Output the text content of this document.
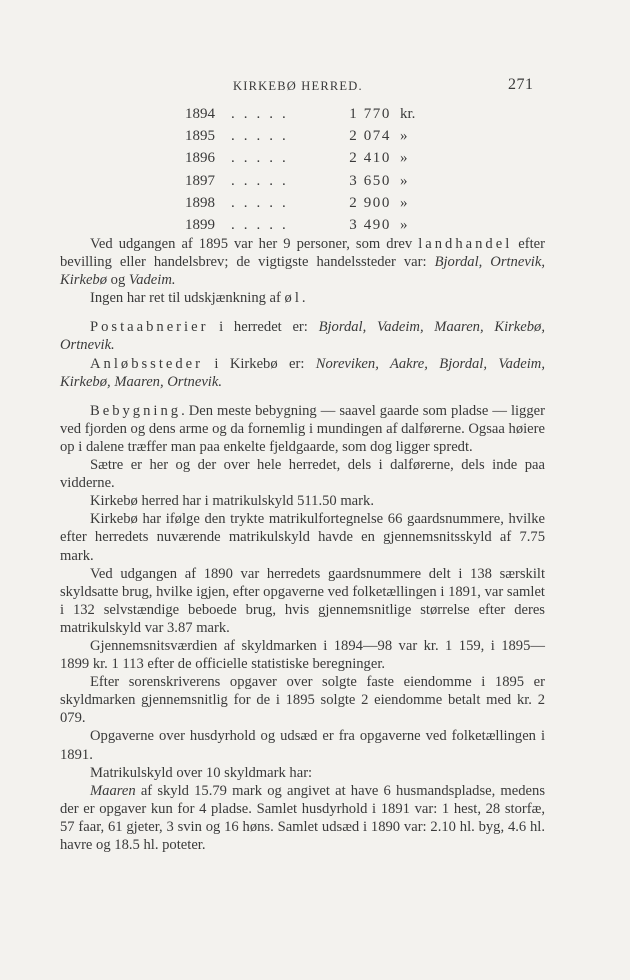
KIRKEBØ HERRED.	271
1894 .....	1 770 kr.
1895 .....	2 074 »
1896 .....	2 410 »
1897 .....	3 650 »
1898 .....	2 900 »
1899 .....	3 490 »

Ved udgangen af 1895 var her 9 personer, som drev landhandel efter bevilling eller handelsbrev; de vigtigste handelssteder var: Bjordal, Ortnevik, Kirkebø og Vadeim.

Ingen har ret til udskjænkning af øl.

Postaabnerier i herredet er: Bjordal, Vadeim, Maaren, Kirkebø, Ortnevik.

Anløbssteder i Kirkebø er: Noreviken, Aakre, Bjordal, Vadeim, Kirkebø, Maaren, Ortnevik.

Bebygning. Den meste bebygning — saavel gaarde som pladse — ligger ved fjorden og dens arme og da fornemlig i mundingen af dalførerne. Ogsaa høiere op i dalene træffer man paa enkelte fjeldgaarde, som dog ligger spredt.

Sætre er her og der over hele herredet, dels i dalførerne, dels inde paa vidderne.

Kirkebø herred har i matrikulskyld 511.50 mark.

Kirkebø har ifølge den trykte matrikulfortegnelse 66 gaardsnummere, hvilke efter herredets nuværende matrikulskyld havde en gjennemsnitsskyld af 7.75 mark.

Ved udgangen af 1890 var herredets gaardsnummere delt i 138 særskilt skyldsatte brug, hvilke igjen, efter opgaverne ved folketællingen i 1891, var samlet i 132 selvstændige beboede brug, hvis gjennemsnitlige størrelse efter deres matrikulskyld var 3.87 mark.

Gjennemsnitsværdien af skyldmarken i 1894—98 var kr. 1 159, i 1895—1899 kr. 1 113 efter de officielle statistiske beregninger.

Efter sorenskriverens opgaver over solgte faste eiendomme i 1895 er skyldmarken gjennemsnitlig for de i 1895 solgte 2 eiendomme betalt med kr. 2 079.

Opgaverne over husdyrhold og udsæd er fra opgaverne ved folketællingen i 1891.

Matrikulskyld over 10 skyldmark har:

Maaren af skyld 15.79 mark og angivet at have 6 husmandspladse, medens der er opgaver kun for 4 pladse. Samlet husdyrhold i 1891 var: 1 hest, 28 storfæ, 57 faar, 61 gjeter, 3 svin og 16 høns. Samlet udsæd i 1890 var: 2.10 hl. byg, 4.6 hl. havre og 18.5 hl. poteter.
